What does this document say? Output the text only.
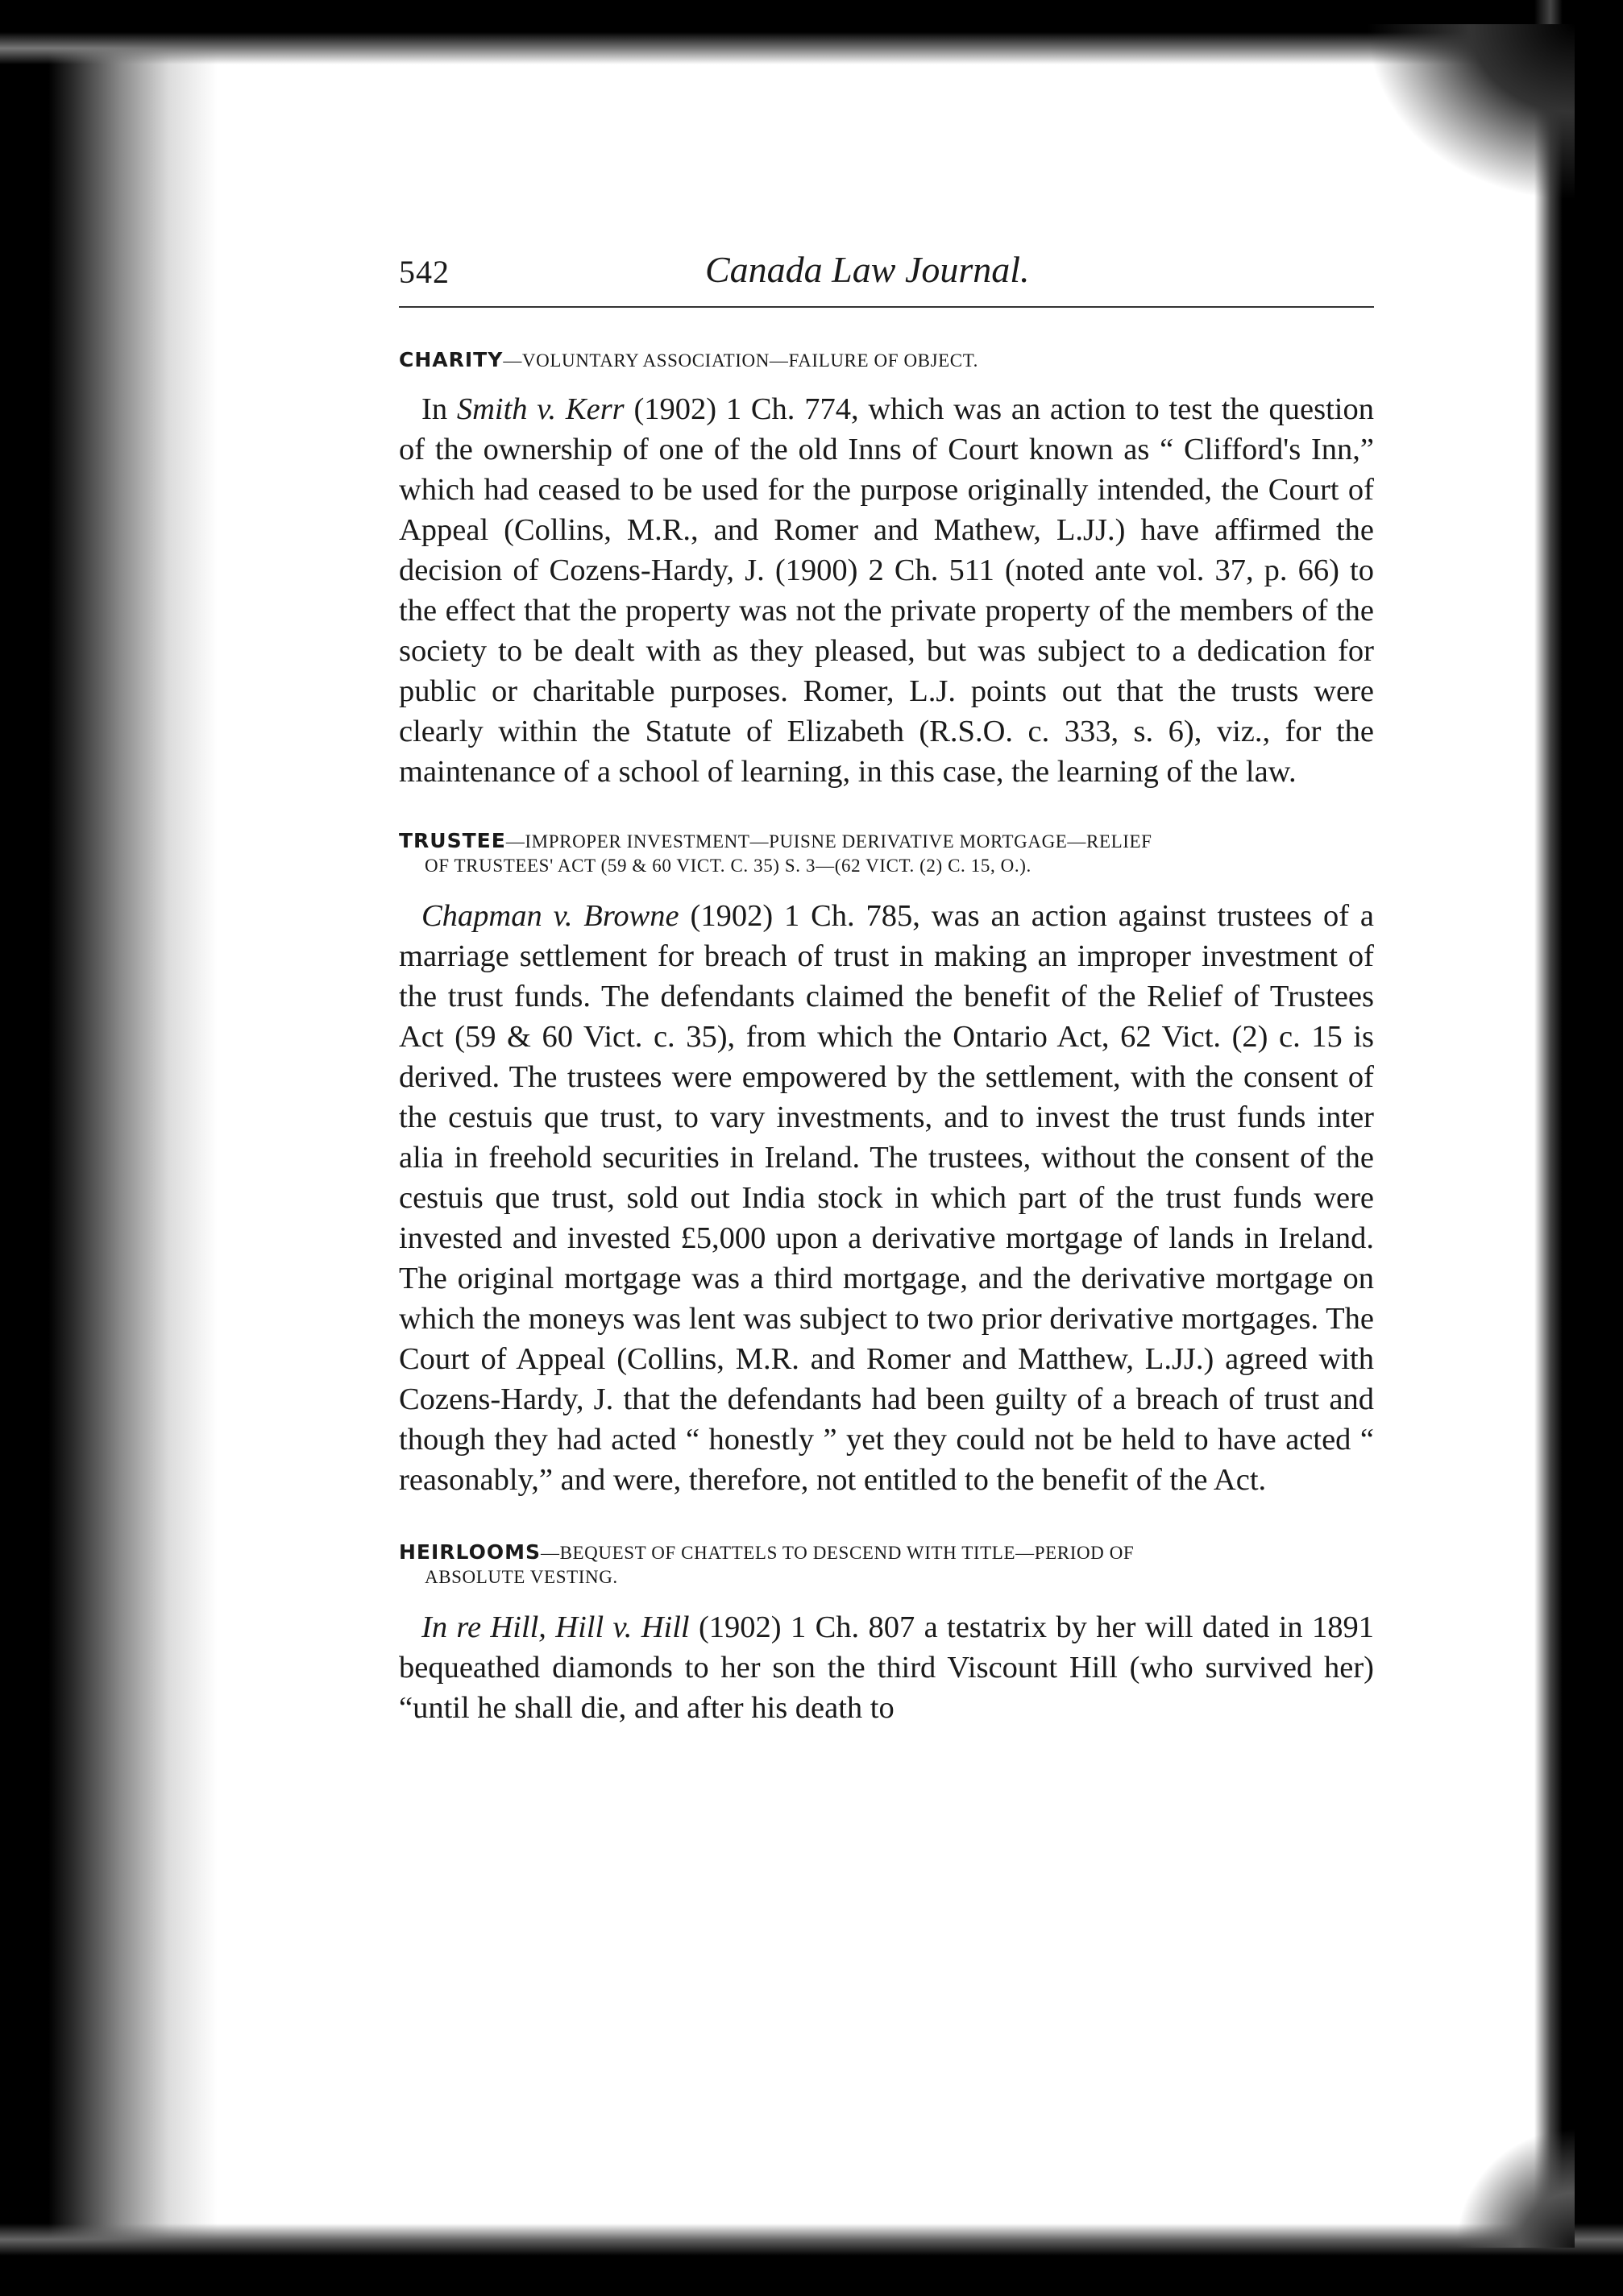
542	Canada Law Journal.

CHARITY—VOLUNTARY ASSOCIATION—FAILURE OF OBJECT.

In Smith v. Kerr (1902) 1 Ch. 774, which was an action to test the question of the ownership of one of the old Inns of Court known as “ Clifford's Inn,” which had ceased to be used for the purpose originally intended, the Court of Appeal (Collins, M.R., and Romer and Mathew, L.JJ.) have affirmed the decision of Cozens-Hardy, J. (1900) 2 Ch. 511 (noted ante vol. 37, p. 66) to the effect that the property was not the private property of the members of the society to be dealt with as they pleased, but was subject to a dedication for public or charitable purposes. Romer, L.J. points out that the trusts were clearly within the Statute of Elizabeth (R.S.O. c. 333, s. 6), viz., for the maintenance of a school of learning, in this case, the learning of the law.

TRUSTEE—IMPROPER INVESTMENT—PUISNE DERIVATIVE MORTGAGE—RELIEF
OF TRUSTEES' ACT (59 & 60 VICT. C. 35) S. 3—(62 VICT. (2) C. 15, O.).

Chapman v. Browne (1902) 1 Ch. 785, was an action against trustees of a marriage settlement for breach of trust in making an improper investment of the trust funds. The defendants claimed the benefit of the Relief of Trustees Act (59 & 60 Vict. c. 35), from which the Ontario Act, 62 Vict. (2) c. 15 is derived. The trustees were empowered by the settlement, with the consent of the cestuis que trust, to vary investments, and to invest the trust funds inter alia in freehold securities in Ireland. The trustees, without the consent of the cestuis que trust, sold out India stock in which part of the trust funds were invested and invested £5,000 upon a derivative mortgage of lands in Ireland. The original mortgage was a third mortgage, and the derivative mortgage on which the moneys was lent was subject to two prior derivative mortgages. The Court of Appeal (Collins, M.R. and Romer and Matthew, L.JJ.) agreed with Cozens-Hardy, J. that the defendants had been guilty of a breach of trust and though they had acted “ honestly ” yet they could not be held to have acted “ reasonably,” and were, therefore, not entitled to the benefit of the Act.

HEIRLOOMS—BEQUEST OF CHATTELS TO DESCEND WITH TITLE—PERIOD OF
ABSOLUTE VESTING.

In re Hill, Hill v. Hill (1902) 1 Ch. 807 a testatrix by her will dated in 1891 bequeathed diamonds to her son the third Viscount Hill (who survived her) “until he shall die, and after his death to
